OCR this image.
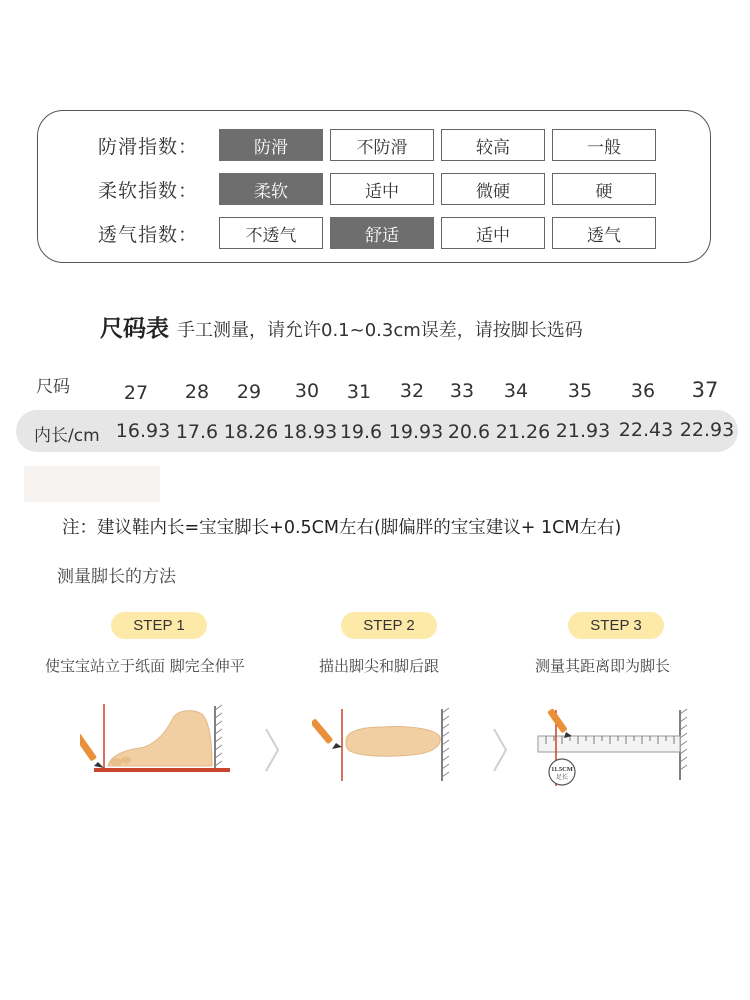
防滑指数：	防滑	不防滑	较高	一般
柔软指数：	柔软	适中	微硬	硬
透气指数：	不透气	舒适	适中	透气
尺码表 手工测量，请允许0.1~0.3cm误差，请按脚长选码
尺码	27 28 29 30 31 32 33 34 35 36 37
内长/cm 16.93 17.6 18.26 18.93 19.6 19.93 20.6 21.26 21.93 22.43 22.93
注：建议鞋内长=宝宝脚长+0.5CM左右(脚偏胖的宝宝建议+ 1CM左右)
测量脚长的方法
STEP 1	STEP 2	STEP 3
使宝宝站立于纸面 脚完全伸平	描出脚尖和脚后跟	测量其距离即为脚长
11.5CM
足长
